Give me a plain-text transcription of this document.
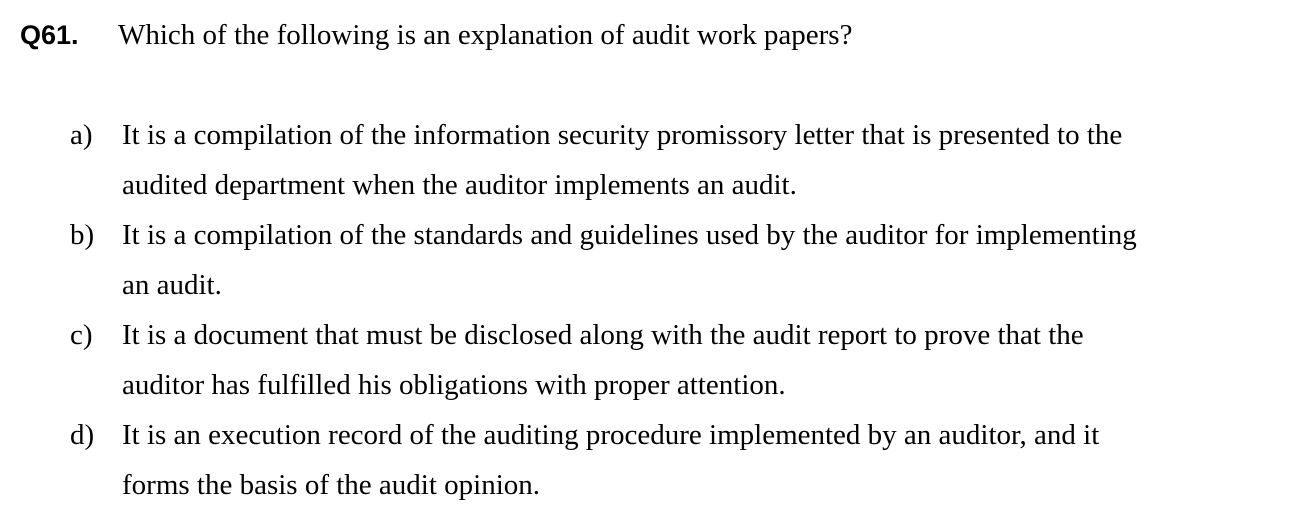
Q61. Which of the following is an explanation of audit work papers?
a)	It is a compilation of the information security promissory letter that is presented to the
audited department when the auditor implements an audit.
b) It is a compilation of the standards and guidelines used by the auditor for implementing
an audit.
c)	It is a document that must be disclosed along with the audit report to prove that the
auditor has fulfilled his obligations with proper attention.
d) It is an execution record of the auditing procedure implemented by an auditor, and it
forms the basis of the audit opinion.
